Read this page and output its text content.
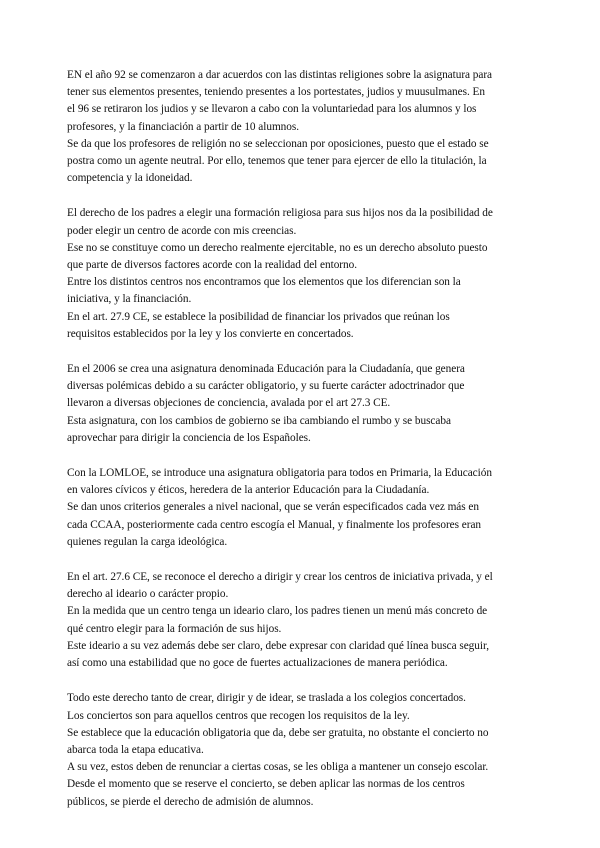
EN el año 92 se comenzaron a dar acuerdos con las distintas religiones sobre la asignatura para
tener sus elementos presentes, teniendo presentes a los portestates, judios y muusulmanes. En
el 96 se retiraron los judios y se llevaron a cabo con la voluntariedad para los alumnos y los
profesores, y la financiación a partir de 10 alumnos.
Se da que los profesores de religión no se seleccionan por oposiciones, puesto que el estado se
postra como un agente neutral. Por ello, tenemos que tener para ejercer de ello la titulación, la
competencia y la idoneidad.
El derecho de los padres a elegir una formación religiosa para sus hijos nos da la posibilidad de
poder elegir un centro de acorde con mis creencias.
Ese no se constituye como un derecho realmente ejercitable, no es un derecho absoluto puesto
que parte de diversos factores acorde con la realidad del entorno.
Entre los distintos centros nos encontramos que los elementos que los diferencian son la
iniciativa, y la financiación.
En el art. 27.9 CE, se establece la posibilidad de financiar los privados que reúnan los
requisitos establecidos por la ley y los convierte en concertados.
En el 2006 se crea una asignatura denominada Educación para la Ciudadanía, que genera
diversas polémicas debido a su carácter obligatorio, y su fuerte carácter adoctrinador que
llevaron a diversas objeciones de conciencia, avalada por el art 27.3 CE.
Esta asignatura, con los cambios de gobierno se iba cambiando el rumbo y se buscaba
aprovechar para dirigir la conciencia de los Españoles.
Con la LOMLOE, se introduce una asignatura obligatoria para todos en Primaria, la Educación
en valores cívicos y éticos, heredera de la anterior Educación para la Ciudadanía.
Se dan unos criterios generales a nivel nacional, que se verán especificados cada vez más en
cada CCAA, posteriormente cada centro escogía el Manual, y finalmente los profesores eran
quienes regulan la carga ideológica.
En el art. 27.6 CE, se reconoce el derecho a dirigir y crear los centros de iniciativa privada, y el
derecho al ideario o carácter propio.
En la medida que un centro tenga un ideario claro, los padres tienen un menú más concreto de
qué centro elegir para la formación de sus hijos.
Este ideario a su vez además debe ser claro, debe expresar con claridad qué línea busca seguir,
así como una estabilidad que no goce de fuertes actualizaciones de manera periódica.
Todo este derecho tanto de crear, dirigir y de idear, se traslada a los colegios concertados.
Los conciertos son para aquellos centros que recogen los requisitos de la ley.
Se establece que la educación obligatoria que da, debe ser gratuita, no obstante el concierto no
abarca toda la etapa educativa.
A su vez, estos deben de renunciar a ciertas cosas, se les obliga a mantener un consejo escolar.
Desde el momento que se reserve el concierto, se deben aplicar las normas de los centros
públicos, se pierde el derecho de admisión de alumnos.
